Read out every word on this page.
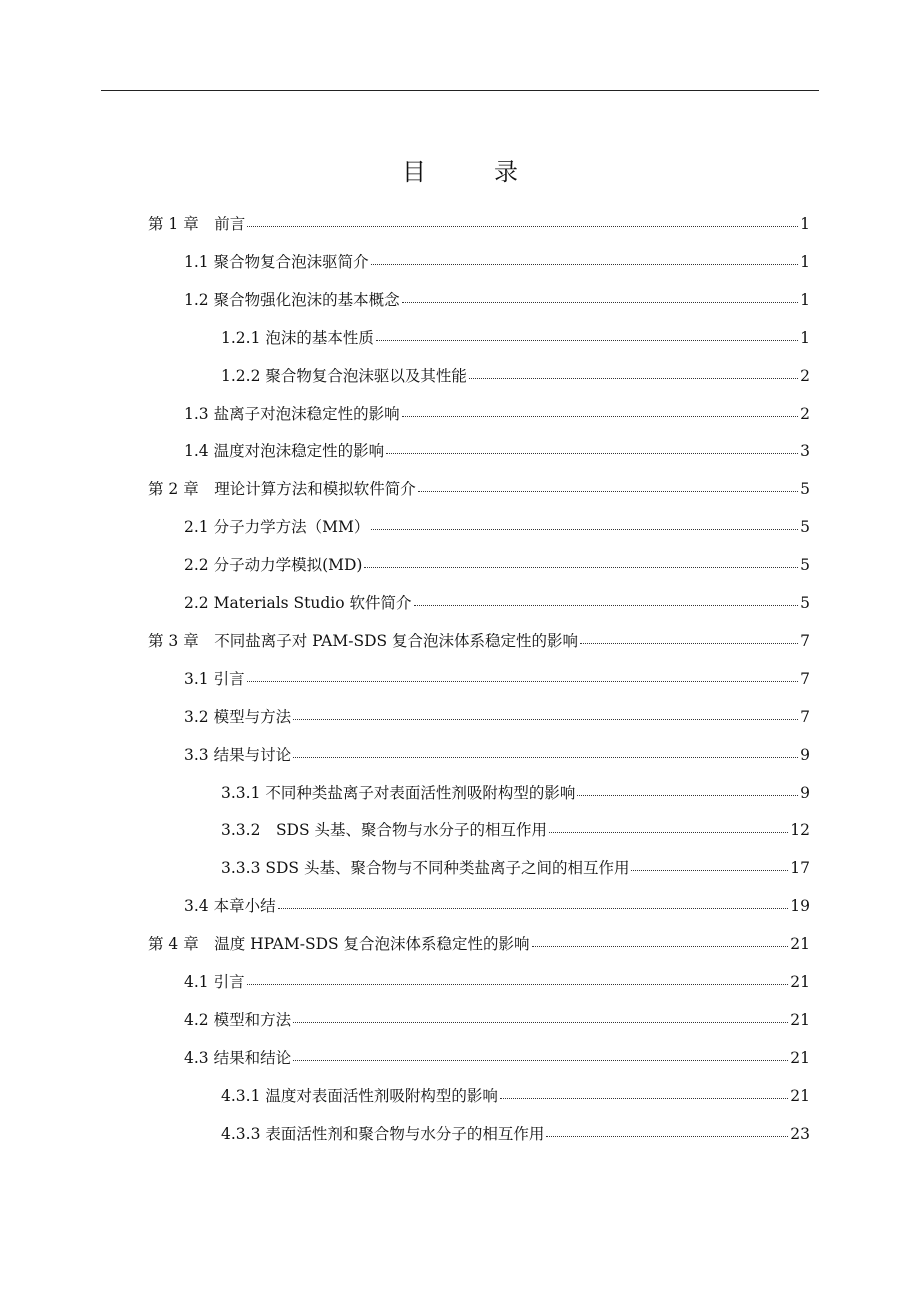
目　录
第 1 章　前言	1
1.1 聚合物复合泡沫驱简介	1
1.2 聚合物强化泡沫的基本概念	1
1.2.1 泡沫的基本性质	1
1.2.2 聚合物复合泡沫驱以及其性能	2
1.3 盐离子对泡沫稳定性的影响	2
1.4 温度对泡沫稳定性的影响	3
第 2 章　理论计算方法和模拟软件简介	5
2.1 分子力学方法（MM）	5
2.2 分子动力学模拟(MD)	5
2.2 Materials Studio 软件简介	5
第 3 章　不同盐离子对 PAM-SDS 复合泡沫体系稳定性的影响	7
3.1 引言	7
3.2 模型与方法	7
3.3 结果与讨论	9
3.3.1 不同种类盐离子对表面活性剂吸附构型的影响	9
3.3.2　SDS 头基、聚合物与水分子的相互作用	12
3.3.3 SDS 头基、聚合物与不同种类盐离子之间的相互作用	17
3.4 本章小结	19
第 4 章　温度 HPAM-SDS 复合泡沫体系稳定性的影响	21
4.1 引言	21
4.2 模型和方法	21
4.3 结果和结论	21
4.3.1 温度对表面活性剂吸附构型的影响	21
4.3.3 表面活性剂和聚合物与水分子的相互作用	23
